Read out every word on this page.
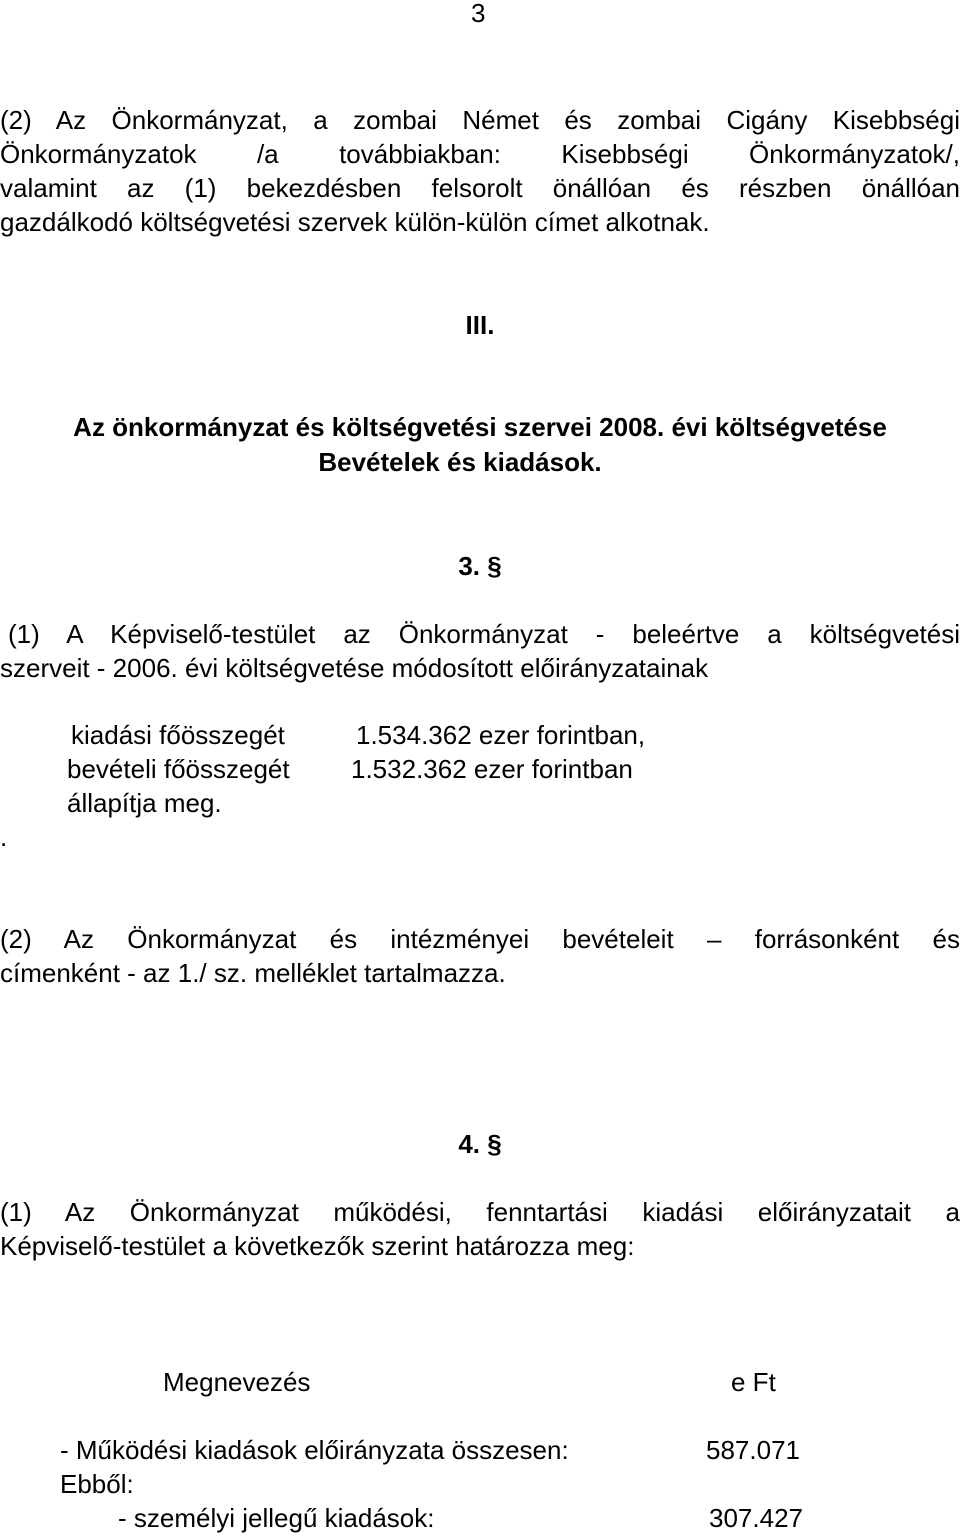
3
(2) Az Önkormányzat, a zombai Német és zombai Cigány Kisebbségi
Önkormányzatok /a továbbiakban: Kisebbségi Önkormányzatok/,
valamint az (1) bekezdésben felsorolt önállóan és részben önállóan
gazdálkodó költségvetési szervek külön-külön címet alkotnak.
III.
Az önkormányzat és költségvetési szervei 2008. évi költségvetése
Bevételek és kiadások.
3. §
(1) A Képviselő-testület az Önkormányzat - beleértve a költségvetési
szerveit - 2006. évi költségvetése módosított előirányzatainak
kiadási főösszegét	1.534.362 ezer forintban,
bevételi főösszegét 1.532.362 ezer forintban
állapítja meg.
.
(2) Az Önkormányzat és intézményei bevételeit – forrásonként és
címenként - az 1./ sz. melléklet tartalmazza.
4. §
(1) Az Önkormányzat működési, fenntartási kiadási előirányzatait a
Képviselő-testület a következők szerint határozza meg:
Megnevezés	e Ft
- Működési kiadások előirányzata összesen:	587.071
Ebből:
- személyi jellegű kiadások:	307.427
